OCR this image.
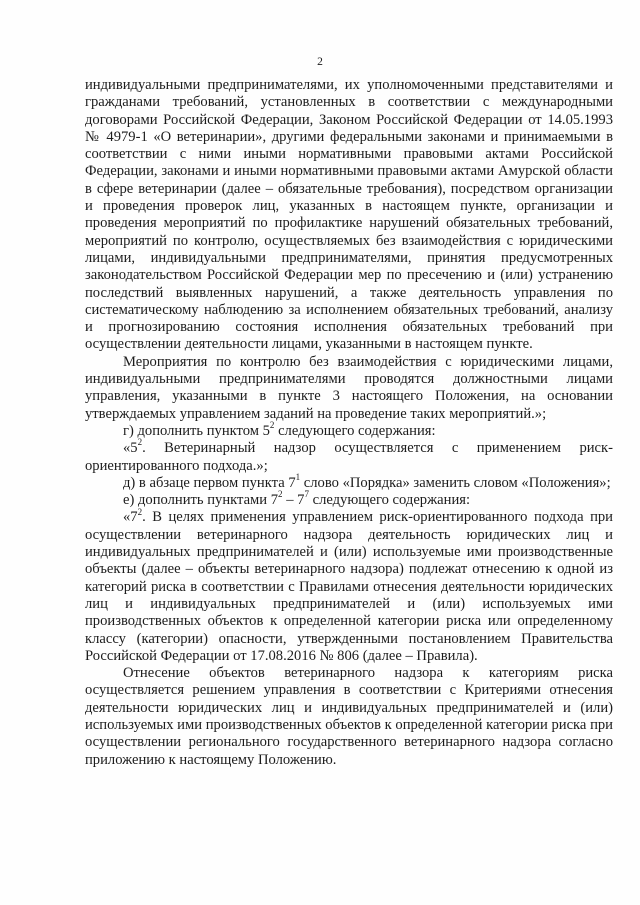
2

индивидуальными предпринимателями, их уполномоченными представителями и гражданами требований, установленных в соответствии с международными договорами Российской Федерации, Законом Российской Федерации от 14.05.1993 № 4979-1 «О ветеринарии», другими федеральными законами и принимаемыми в соответствии с ними иными нормативными правовыми актами Российской Федерации, законами и иными нормативными правовыми актами Амурской области в сфере ветеринарии (далее – обязательные требования), посредством организации и проведения проверок лиц, указанных в настоящем пункте, организации и проведения мероприятий по профилактике нарушений обязательных требований, мероприятий по контролю, осуществляемых без взаимодействия с юридическими лицами, индивидуальными предпринимателями, принятия предусмотренных законодательством Российской Федерации мер по пресечению и (или) устранению последствий выявленных нарушений, а также деятельность управления по систематическому наблюдению за исполнением обязательных требований, анализу и прогнозированию состояния исполнения обязательных требований при осуществлении деятельности лицами, указанными в настоящем пункте.

Мероприятия по контролю без взаимодействия с юридическими лицами, индивидуальными предпринимателями проводятся должностными лицами управления, указанными в пункте 3 настоящего Положения, на основании утверждаемых управлением заданий на проведение таких мероприятий.»;

г) дополнить пунктом $5^2$ следующего содержания:

«$5^2$. Ветеринарный надзор осуществляется с применением риск-ориентированного подхода.»;

д) в абзаце первом пункта $7^1$ слово «Порядка» заменить словом «Положения»;

е) дополнить пунктами $7^2 - 7^7$ следующего содержания:

«$7^2$. В целях применения управлением риск-ориентированного подхода при осуществлении ветеринарного надзора деятельность юридических лиц и индивидуальных предпринимателей и (или) используемые ими производственные объекты (далее – объекты ветеринарного надзора) подлежат отнесению к одной из категорий риска в соответствии с Правилами отнесения деятельности юридических лиц и индивидуальных предпринимателей и (или) используемых ими производственных объектов к определенной категории риска или определенному классу (категории) опасности, утвержденными постановлением Правительства Российской Федерации от 17.08.2016 № 806 (далее – Правила).

Отнесение объектов ветеринарного надзора к категориям риска осуществляется решением управления в соответствии с Критериями отнесения деятельности юридических лиц и индивидуальных предпринимателей и (или) используемых ими производственных объектов к определенной категории риска при осуществлении регионального государственного ветеринарного надзора согласно приложению к настоящему Положению.
